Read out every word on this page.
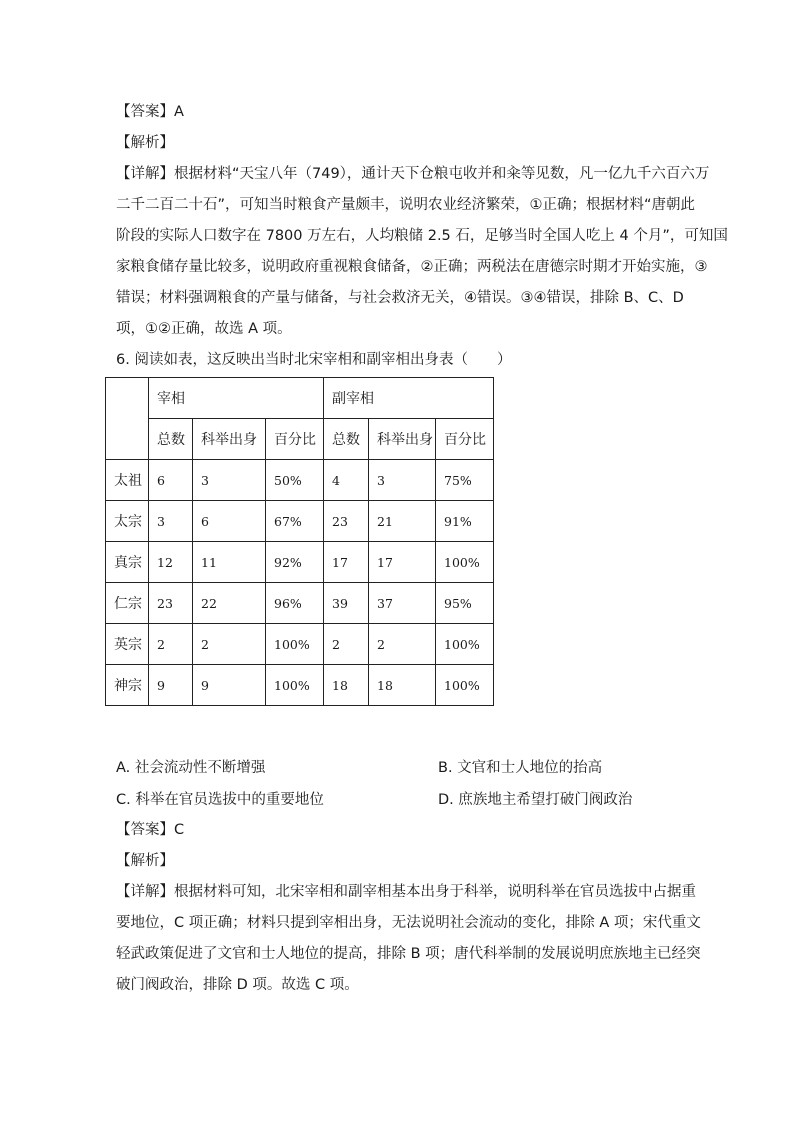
【答案】A
【解析】
【详解】根据材料“天宝八年（749），通计天下仓粮屯收并和籴等见数，凡一亿九千六百六万
二千二百二十石”，可知当时粮食产量颇丰，说明农业经济繁荣，①正确；根据材料“唐朝此
阶段的实际人口数字在 7800 万左右，人均粮储 2.5 石，足够当时全国人吃上 4 个月”，可知国
家粮食储存量比较多，说明政府重视粮食储备，②正确；两税法在唐德宗时期才开始实施，③
错误；材料强调粮食的产量与储备，与社会救济无关，④错误。③④错误，排除 B、C、D
项，①②正确，故选 A 项。
6. 阅读如表，这反映出当时北宋宰相和副宰相出身表（　　）
	宰相			副宰相		
	总数	科举出身	百分比	总数	科举出身	百分比
太祖	6	3	50%	4	3	75%
太宗	3	6	67%	23	21	91%
真宗	12	11	92%	17	17	100%
仁宗	23	22	96%	39	37	95%
英宗	2	2	100%	2	2	100%
神宗	9	9	100%	18	18	100%
A. 社会流动性不断增强	B. 文官和士人地位的抬高
C. 科举在官员选拔中的重要地位	D. 庶族地主希望打破门阀政治
【答案】C
【解析】
【详解】根据材料可知，北宋宰相和副宰相基本出身于科举，说明科举在官员选拔中占据重
要地位，C 项正确；材料只提到宰相出身，无法说明社会流动的变化，排除 A 项；宋代重文
轻武政策促进了文官和士人地位的提高，排除 B 项；唐代科举制的发展说明庶族地主已经突
破门阀政治，排除 D 项。故选 C 项。
